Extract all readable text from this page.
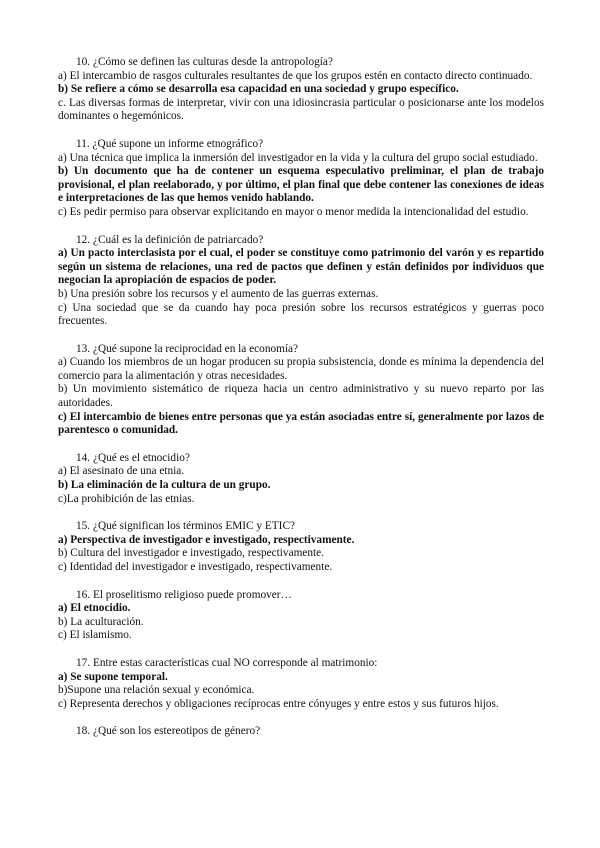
10. ¿Cómo se definen las culturas desde la antropología?

a) El intercambio de rasgos culturales resultantes de que los grupos estén en contacto directo continuado.

b) Se refiere a cómo se desarrolla esa capacidad en una sociedad y grupo específico.

c. Las diversas formas de interpretar, vivir con una idiosincrasia particular o posicionarse ante los modelos dominantes o hegemónicos.

11. ¿Qué supone un informe etnográfico?

a) Una técnica que implica la inmersión del investigador en la vida y la cultura del grupo social estudiado.

b) Un documento que ha de contener un esquema especulativo preliminar, el plan de trabajo provisional, el plan reelaborado, y por último, el plan final que debe contener las conexiones de ideas e interpretaciones de las que hemos venido hablando.

c) Es pedir permiso para observar explicitando en mayor o menor medida la intencionalidad del estudio.

12. ¿Cuál es la definición de patriarcado?

a) Un pacto interclasista por el cual, el poder se constituye como patrimonio del varón y es repartido según un sistema de relaciones, una red de pactos que definen y están definidos por individuos que negocian la apropiación de espacios de poder.

b) Una presión sobre los recursos y el aumento de las guerras externas.

c) Una sociedad que se da cuando hay poca presión sobre los recursos estratégicos y guerras poco frecuentes.

13. ¿Qué supone la reciprocidad en la economía?

a) Cuando los miembros de un hogar producen su propia subsistencia, donde es mínima la dependencia del comercio para la alimentación y otras necesidades.

b) Un movimiento sistemático de riqueza hacia un centro administrativo y su nuevo reparto por las autoridades.

c) El intercambio de bienes entre personas que ya están asociadas entre sí, generalmente por lazos de parentesco o comunidad.

14. ¿Qué es el etnocidio?

a) El asesinato de una etnia.

b) La eliminación de la cultura de un grupo.

c)La prohibición de las etnias.

15. ¿Qué significan los términos EMIC y ETIC?

a) Perspectiva de investigador e investigado, respectivamente.

b) Cultura del investigador e investigado, respectivamente.

c) Identidad del investigador e investigado, respectivamente.

16. El proselitismo religioso puede promover…

a) El etnocidio.

b) La aculturación.

c) El islamismo.

17. Entre estas características cual NO corresponde al matrimonio:

a) Se supone temporal.

b)Supone una relación sexual y económica.

c) Representa derechos y obligaciones recíprocas entre cónyuges y entre estos y sus futuros hijos.

18. ¿Qué son los estereotipos de género?
